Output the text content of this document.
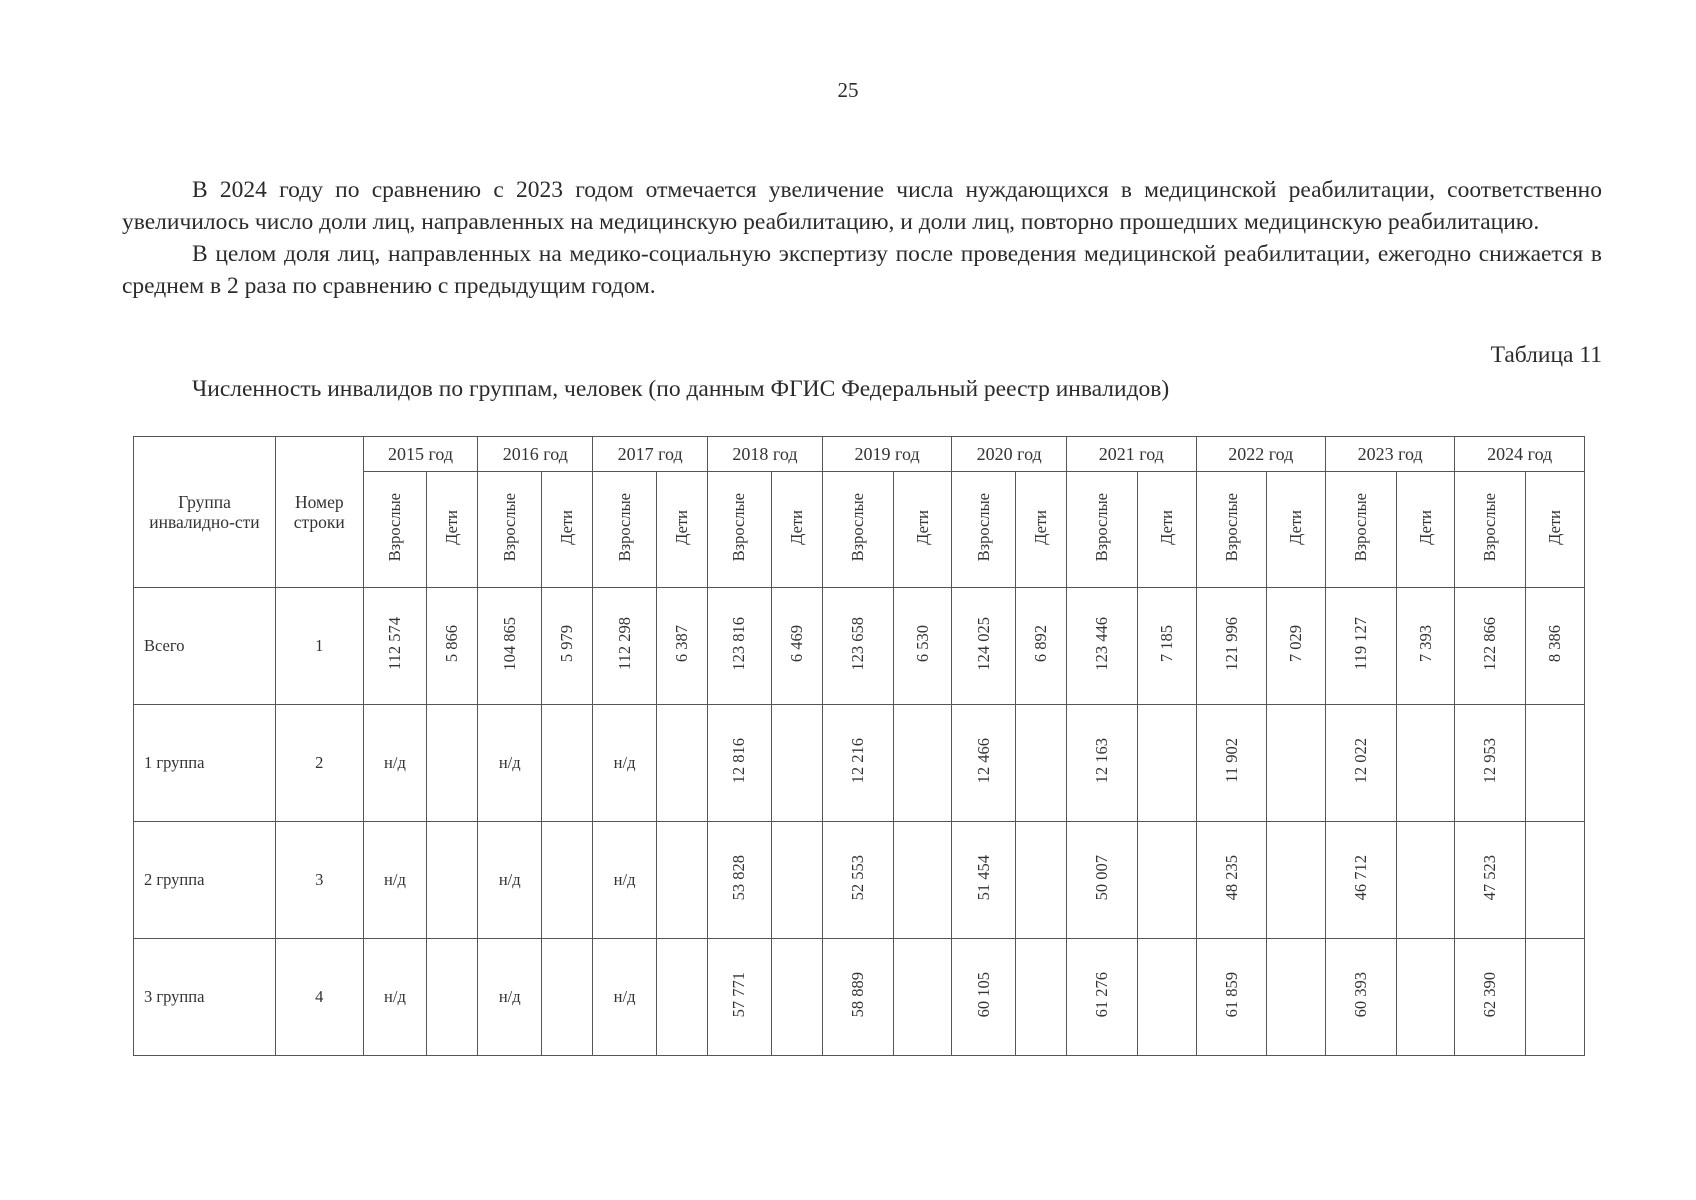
25

В 2024 году по сравнению с 2023 годом отмечается увеличение числа нуждающихся в медицинской реабилитации, соответственно увеличилось число доли лиц, направленных на медицинскую реабилитацию, и доли лиц, повторно прошедших медицинскую реабилитацию.

В целом доля лиц, направленных на медико-социальную экспертизу после проведения медицинской реабилитации, ежегодно снижается в среднем в 2 раза по сравнению с предыдущим годом.

Таблица 11
Численность инвалидов по группам, человек (по данным ФГИС Федеральный реестр инвалидов)
Группа инвалидно-сти	Номер строки	2015 год		2016 год		2017 год		2018 год		2019 год		2020 год		2021 год		2022 год		2023 год		2024 год	
		Взрослые	Дети	Взрослые	Дети	Взрослые	Дети	Взрослые	Дети	Взрослые	Дети	Взрослые	Дети	Взрослые	Дети	Взрослые	Дети	Взрослые	Дети	Взрослые	Дети
Всего	1	112 574	5 866	104 865	5 979	112 298	6 387	123 816	6 469	123 658	6 530	124 025	6 892	123 446	7 185	121 996	7 029	119 127	7 393	122 866	8 386
1 группа	2	н/д		н/д		н/д		12 816		12 216		12 466		12 163		11 902		12 022		12 953	
2 группа	3	н/д		н/д		н/д		53 828		52 553		51 454		50 007		48 235		46 712		47 523	
3 группа	4	н/д		н/д		н/д		57 771		58 889		60 105		61 276		61 859		60 393		62 390	
